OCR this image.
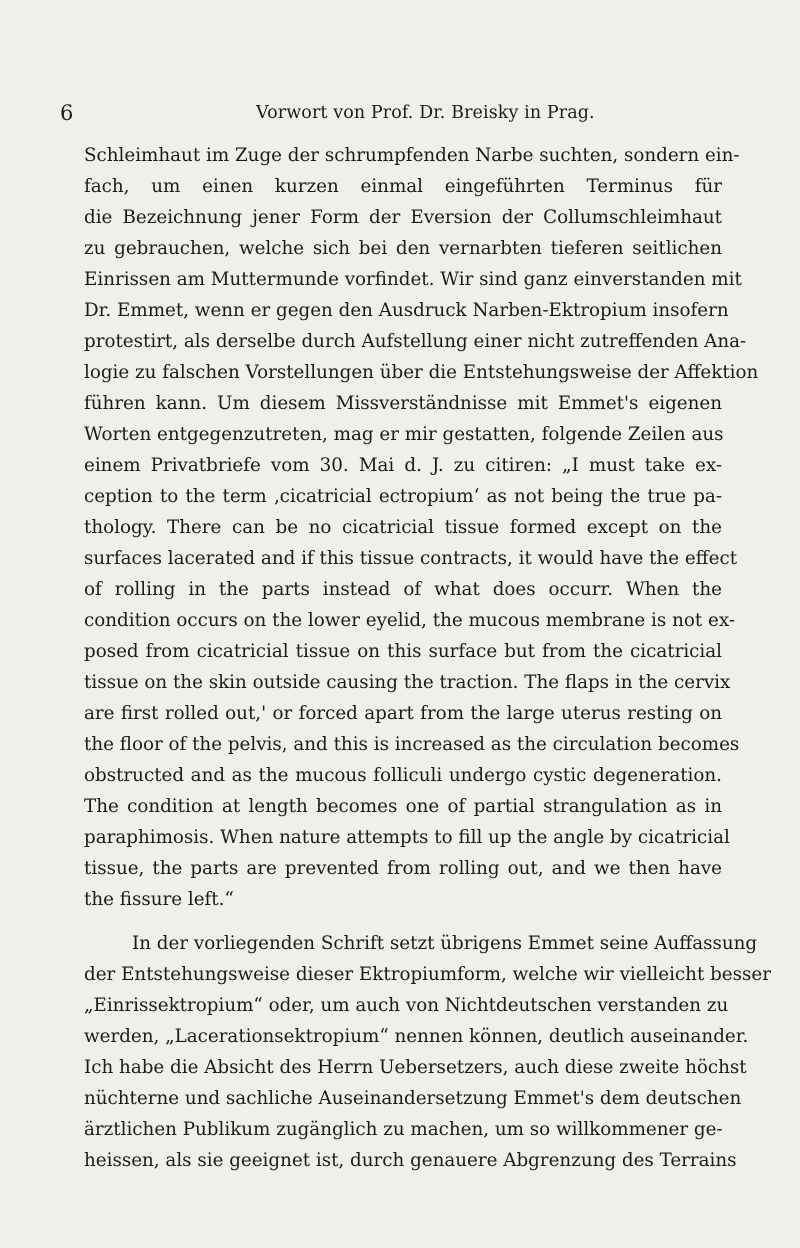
6	Vorwort von Prof. Dr. Breisky in Prag.
Schleimhaut im Zuge der schrumpfenden Narbe suchten, sondern ein-
fach, um einen kurzen einmal eingeführten Terminus für
die Bezeichnung jener Form der Eversion der Collumschleimhaut
zu gebrauchen, welche sich bei den vernarbten tieferen seitlichen
Einrissen am Muttermunde vorfindet. Wir sind ganz einverstanden mit
Dr. Emmet, wenn er gegen den Ausdruck Narben-Ektropium insofern
protestirt, als derselbe durch Aufstellung einer nicht zutreffenden Ana-
logie zu falschen Vorstellungen über die Entstehungsweise der Affektion
führen kann. Um diesem Missverständnisse mit Emmet's eigenen
Worten entgegenzutreten, mag er mir gestatten, folgende Zeilen aus
einem Privatbriefe vom 30. Mai d. J. zu citiren: „I must take ex-
ception to the term ‚cicatricial ectropium‘ as not being the true pa-
thology. There can be no cicatricial tissue formed except on the
surfaces lacerated and if this tissue contracts, it would have the effect
of rolling in the parts instead of what does occurr. When the
condition occurs on the lower eyelid, the mucous membrane is not ex-
posed from cicatricial tissue on this surface but from the cicatricial
tissue on the skin outside causing the traction. The flaps in the cervix
are first rolled out,' or forced apart from the large uterus resting on
the floor of the pelvis, and this is increased as the circulation becomes
obstructed and as the mucous folliculi undergo cystic degeneration.
The condition at length becomes one of partial strangulation as in
paraphimosis. When nature attempts to fill up the angle by cicatricial
tissue, the parts are prevented from rolling out, and we then have
the fissure left.“
In der vorliegenden Schrift setzt übrigens Emmet seine Auffassung
der Entstehungsweise dieser Ektropiumform, welche wir vielleicht besser
„Einrissektropium“ oder, um auch von Nichtdeutschen verstanden zu
werden, „Lacerationsektropium“ nennen können, deutlich auseinander.
Ich habe die Absicht des Herrn Uebersetzers, auch diese zweite höchst
nüchterne und sachliche Auseinandersetzung Emmet's dem deutschen
ärztlichen Publikum zugänglich zu machen, um so willkommener ge-
heissen, als sie geeignet ist, durch genauere Abgrenzung des Terrains
